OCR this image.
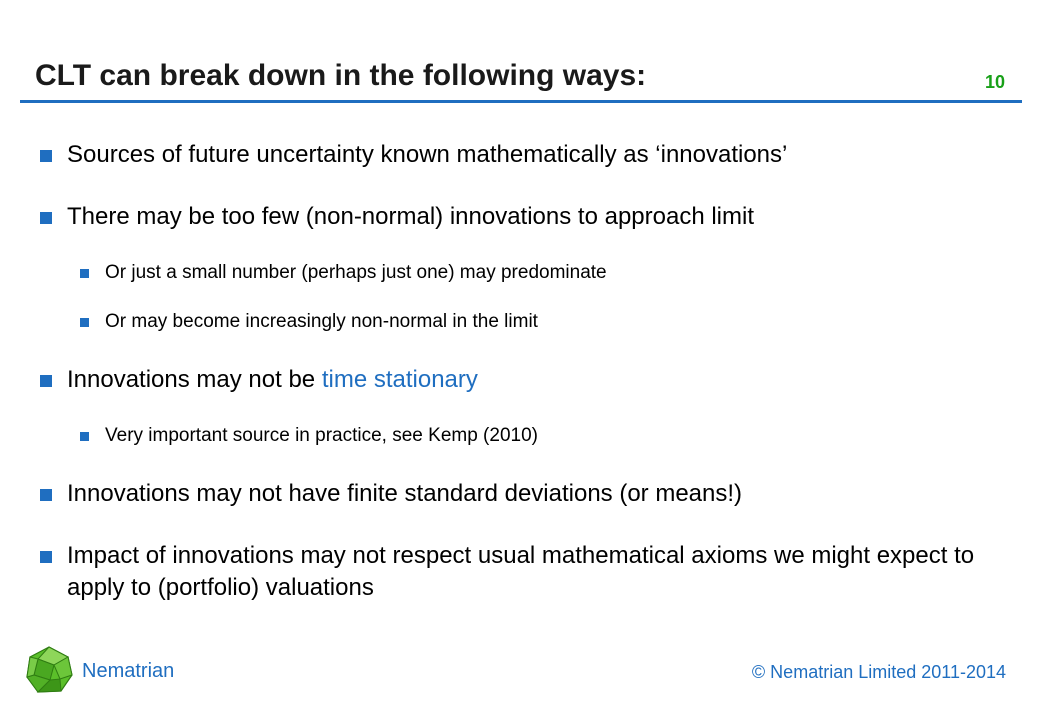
CLT can break down in the following ways:	10
Sources of future uncertainty known mathematically as ‘innovations’
There may be too few (non-normal) innovations to approach limit
Or just a small number (perhaps just one) may predominate
Or may become increasingly non-normal in the limit
Innovations may not be time stationary
Very important source in practice, see Kemp (2010)
Innovations may not have finite standard deviations (or means!)
Impact of innovations may not respect usual mathematical axioms we might expect to apply to (portfolio) valuations
Nematrian	© Nematrian Limited 2011-2014
